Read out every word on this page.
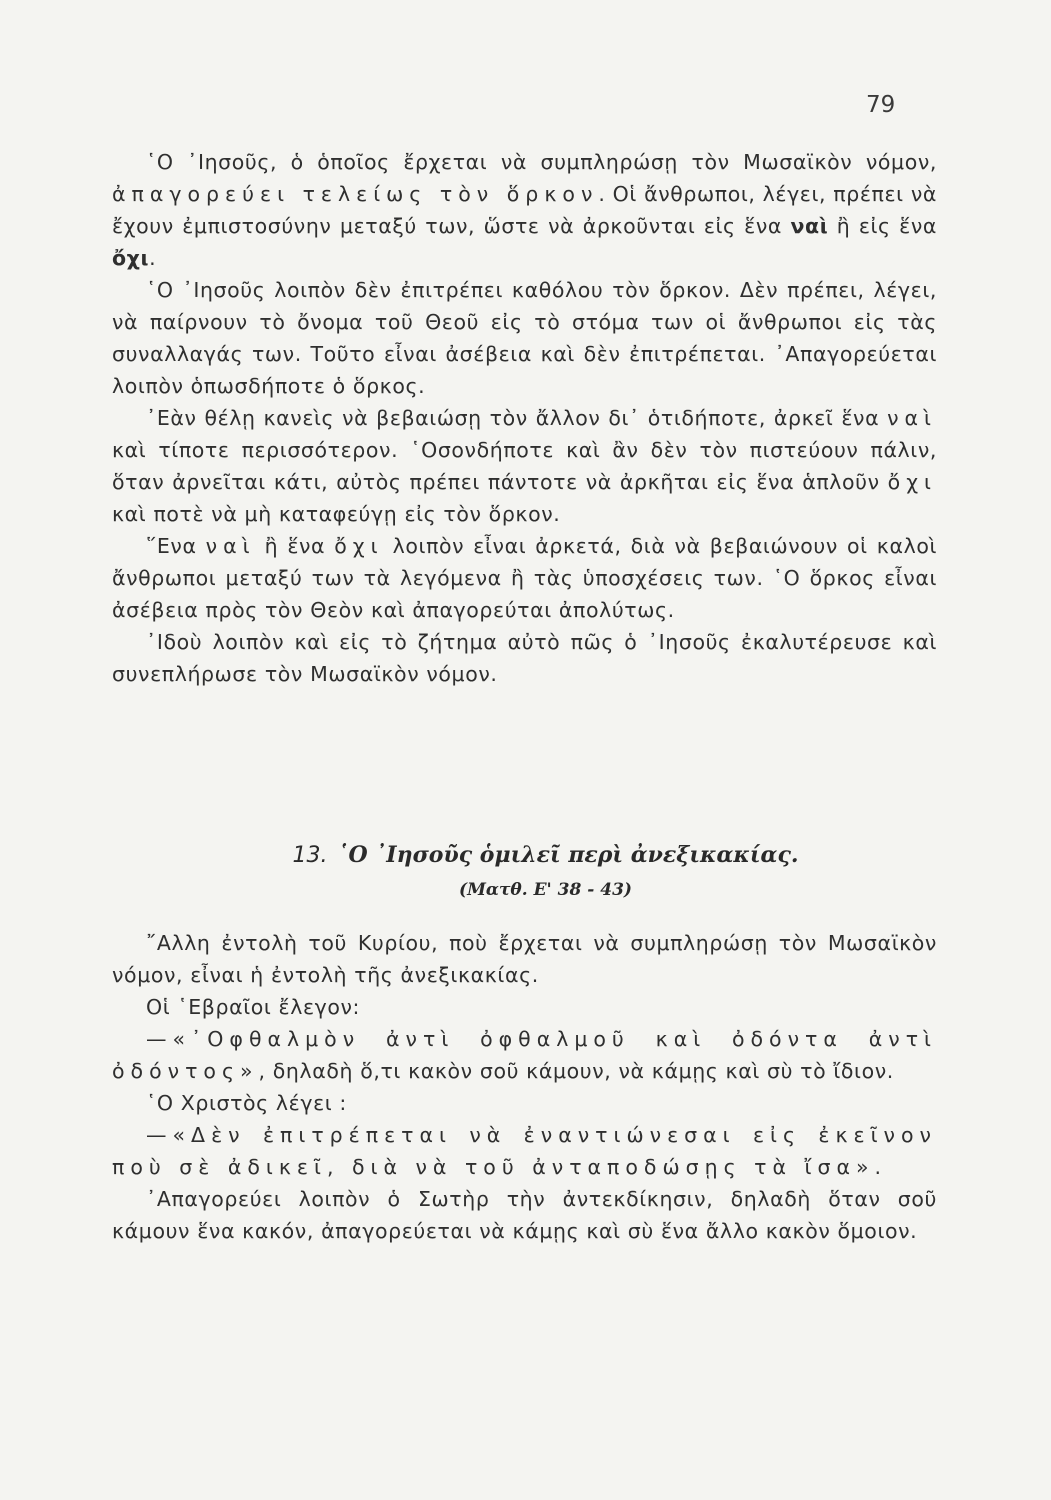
79

῾Ο ᾿Ιησοῦς, ὁ ὁποῖος ἔρχεται νὰ συμπληρώσῃ τὸν Μωσαϊκὸν νόμον, ἀπαγορεύει τελείως τὸν ὅρκον. Οἱ ἄνθρωποι, λέγει, πρέπει νὰ ἔχουν ἐμπιστοσύνην μεταξύ των, ὥστε νὰ ἀρκοῦνται εἰς ἕνα ναὶ ἢ εἰς ἕνα ὄχι.

῾Ο ᾿Ιησοῦς λοιπὸν δὲν ἐπιτρέπει καθόλου τὸν ὅρκον. Δὲν πρέπει, λέγει, νὰ παίρνουν τὸ ὄνομα τοῦ Θεοῦ εἰς τὸ στόμα των οἱ ἄνθρωποι εἰς τὰς συναλλαγάς των. Τοῦτο εἶναι ἀσέβεια καὶ δὲν ἐπιτρέπεται. ᾿Απαγορεύεται λοιπὸν ὁπωσδήποτε ὁ ὅρκος.

᾿Εὰν θέλῃ κανεὶς νὰ βεβαιώσῃ τὸν ἄλλον δι᾿ ὁτιδήποτε, ἀρκεῖ ἕνα ναὶ καὶ τίποτε περισσότερον. ῾Οσονδήποτε καὶ ἂν δὲν τὸν πιστεύουν πάλιν, ὅταν ἀρνεῖται κάτι, αὐτὸς πρέπει πάντοτε νὰ ἀρκῆται εἰς ἕνα ἁπλοῦν ὄχι καὶ ποτὲ νὰ μὴ καταφεύγῃ εἰς τὸν ὅρκον.

῞Ενα ναὶ ἢ ἕνα ὄχι λοιπὸν εἶναι ἀρκετά, διὰ νὰ βεβαιώνουν οἱ καλοὶ ἄνθρωποι μεταξύ των τὰ λεγόμενα ἢ τὰς ὑποσχέσεις των. ῾Ο ὅρκος εἶναι ἀσέβεια πρὸς τὸν Θεὸν καὶ ἀπαγορεύται ἀπολύτως.

᾿Ιδοὺ λοιπὸν καὶ εἰς τὸ ζήτημα αὐτὸ πῶς ὁ ᾿Ιησοῦς ἐκαλυτέρευσε καὶ συνεπλήρωσε τὸν Μωσαϊκὸν νόμον.

13. ῾Ο ᾿Ιησοῦς ὁμιλεῖ περὶ ἀνεξικακίας.
(Ματθ. Ε' 38 - 43)

῎Αλλη ἐντολὴ τοῦ Κυρίου, ποὺ ἔρχεται νὰ συμπληρώσῃ τὸν Μωσαϊκὸν νόμον, εἶναι ἡ ἐντολὴ τῆς ἀνεξικακίας.

Οἱ ῾Εβραῖοι ἔλεγον:

—«᾿Οφθαλμὸν ἀντὶ ὀφθαλμοῦ καὶ ὀδόντα ἀντὶ ὀδόντος», δηλαδὴ ὅ,τι κακὸν σοῦ κάμουν, νὰ κάμῃς καὶ σὺ τὸ ἴδιον.

῾Ο Χριστὸς λέγει :

—«Δὲν ἐπιτρέπεται νὰ ἐναντιώνεσαι εἰς ἐκεῖνον ποὺ σὲ ἀδικεῖ, διὰ νὰ τοῦ ἀνταποδώσῃς τὰ ἴσα».

᾿Απαγορεύει λοιπὸν ὁ Σωτὴρ τὴν ἀντεκδίκησιν, δηλαδὴ ὅταν σοῦ κάμουν ἕνα κακόν, ἀπαγορεύεται νὰ κάμῃς καὶ σὺ ἕνα ἄλλο κακὸν ὅμοιον.
